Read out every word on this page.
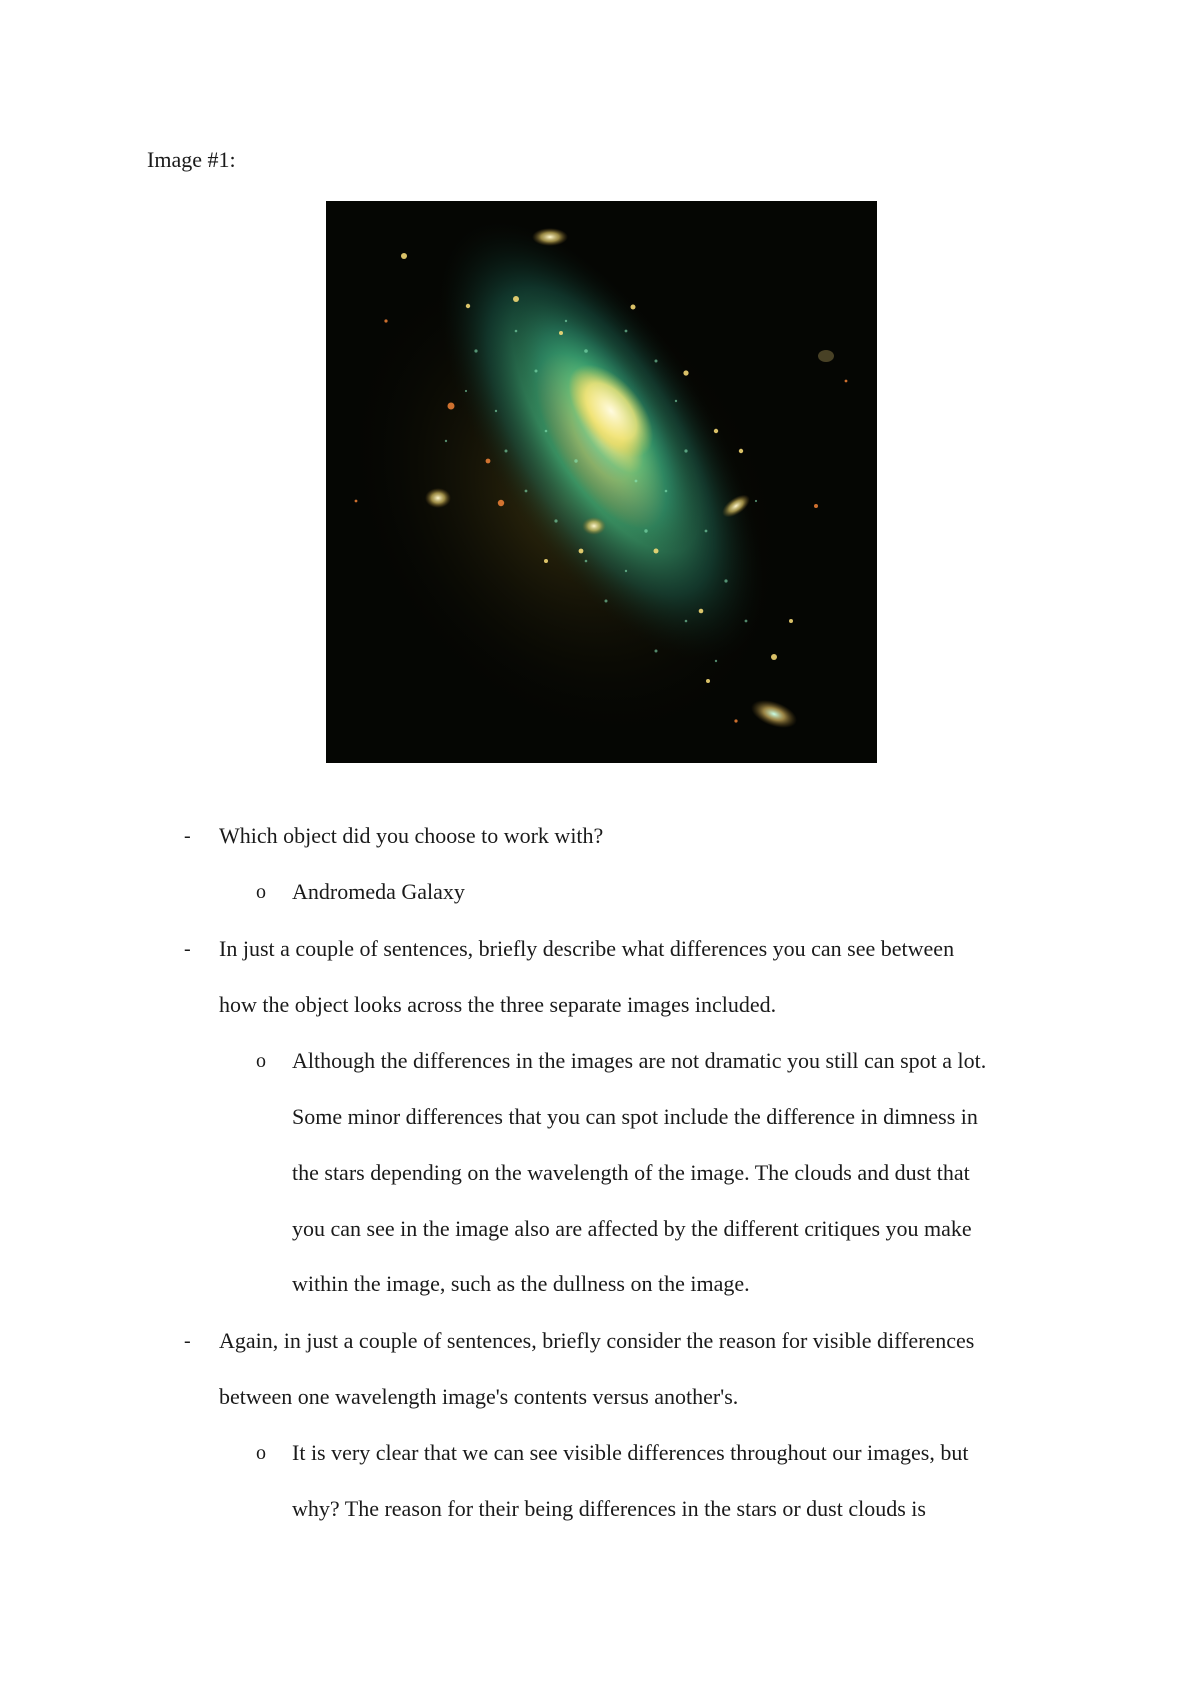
Image #1:

- Which object did you choose to work with?

o Andromeda Galaxy

- In just a couple of sentences, briefly describe what differences you can see between

how the object looks across the three separate images included.

o Although the differences in the images are not dramatic you still can spot a lot.

Some minor differences that you can spot include the difference in dimness in

the stars depending on the wavelength of the image. The clouds and dust that

you can see in the image also are affected by the different critiques you make

within the image, such as the dullness on the image.

- Again, in just a couple of sentences, briefly consider the reason for visible differences

between one wavelength image's contents versus another's.

o It is very clear that we can see visible differences throughout our images, but

why? The reason for their being differences in the stars or dust clouds is
